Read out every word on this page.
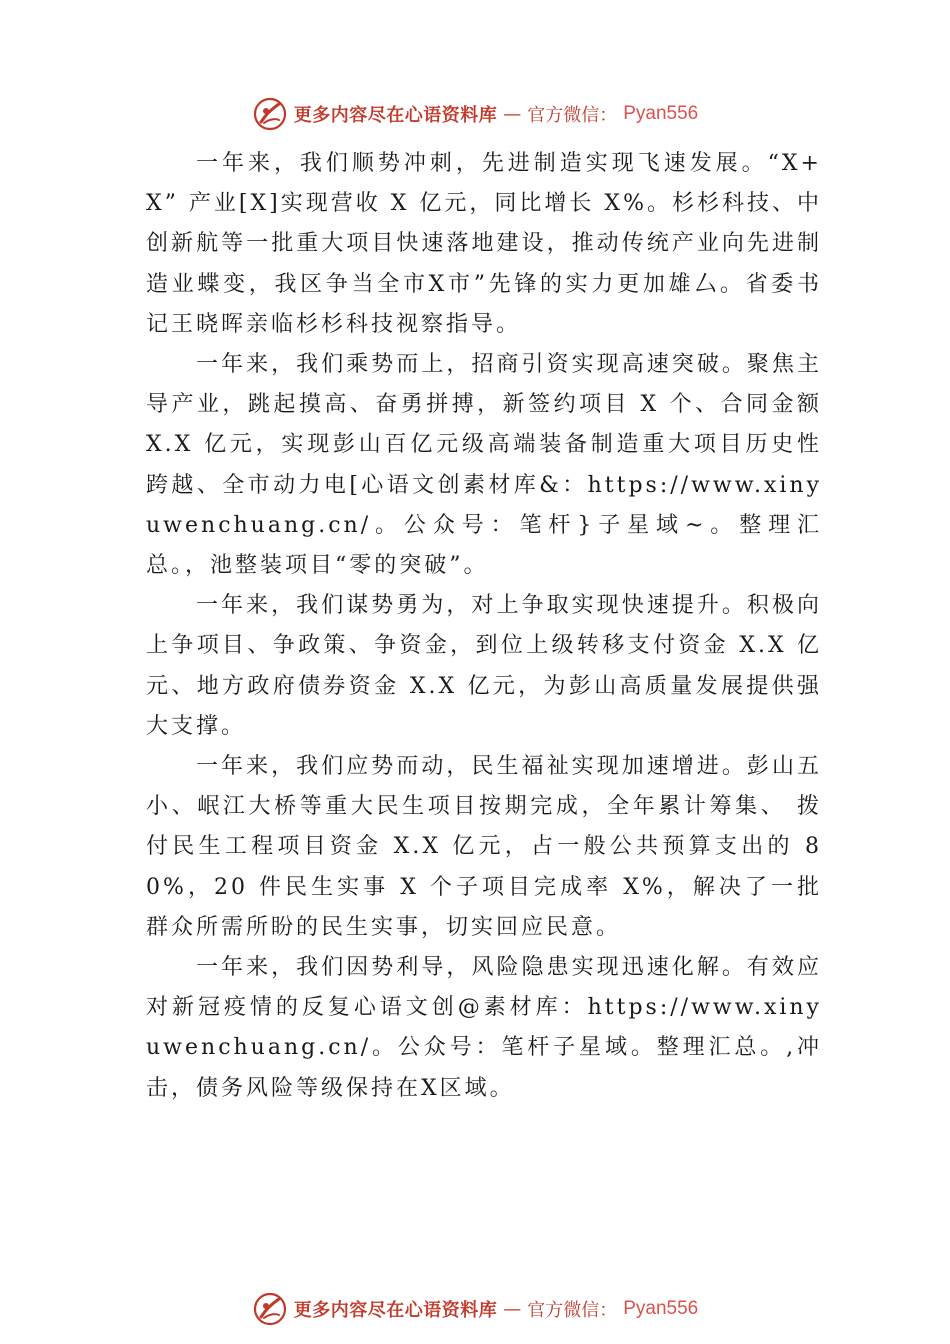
更多内容尽在心语资料库 — 官方微信： Pyan556

一年来，我们顺势冲刺，先进制造实现飞速发展。“X+X” 产业[X]实现营收 X 亿元，同比增长 X%。杉杉科技、中创新航等一批重大项目快速落地建设，推动传统产业向先进制造业蝶变，我区争当全市X市”先锋的实力更加雄厶。省委书记王晓晖亲临杉杉科技视察指导。

一年来，我们乘势而上，招商引资实现高速突破。聚焦主导产业，跳起摸高、奋勇拼搏，新签约项目 X 个、合同金额 X.X 亿元，实现彭山百亿元级高端装备制造重大项目历史性跨越、全市动力电[心语文创素材库&：https://www.xinyuwenchuang.cn/。公众号：笔杆}子星域~。整理汇总。，池整装项目“零的突破”。

一年来，我们谋势勇为，对上争取实现快速提升。积极向上争项目、争政策、争资金，到位上级转移支付资金 X.X 亿元、地方政府债券资金 X.X 亿元，为彭山高质量发展提供强大支撑。

一年来，我们应势而动，民生福祉实现加速增进。彭山五小、岷江大桥等重大民生项目按期完成，全年累计筹集、 拨付民生工程项目资金 X.X 亿元，占一般公共预算支出的 80%，20 件民生实事 X 个子项目完成率 X%，解决了一批群众所需所盼的民生实事，切实回应民意。

一年来，我们因势利导，风险隐患实现迅速化解。有效应对新冠疫情的反复心语文创@素材库：https://www.xinyuwenchuang.cn/。公众号：笔杆子星域。整理汇总。,冲击，债务风险等级保持在X区域。

更多内容尽在心语资料库 — 官方微信： Pyan556
